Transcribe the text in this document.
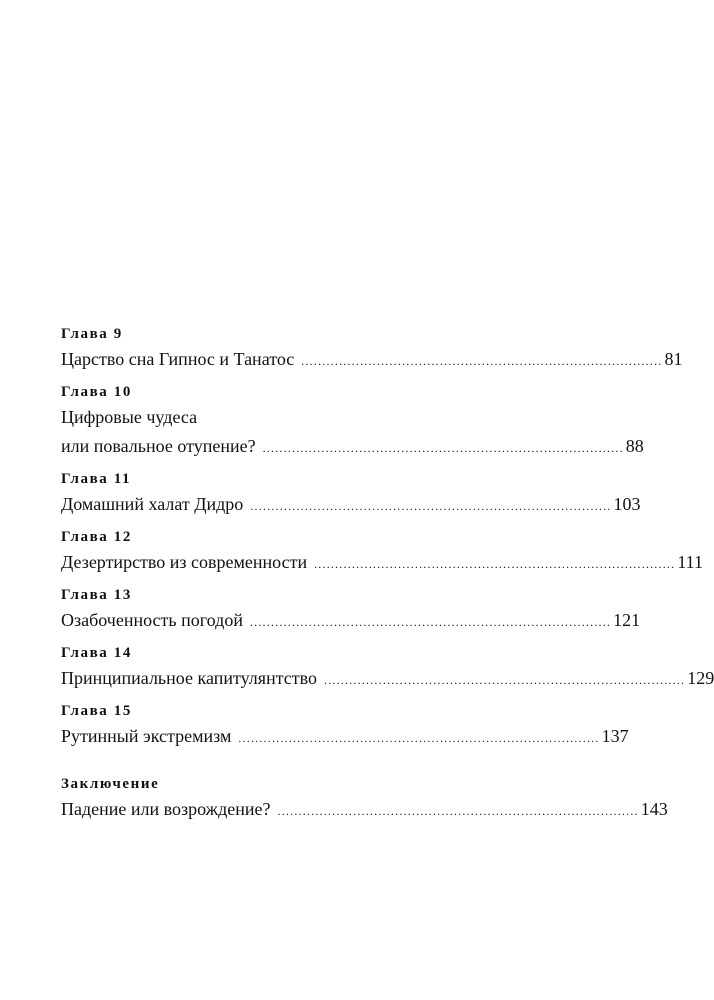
Глава 9
Царство сна Гипнос и Танатос ...................................................................................... 81
Глава 10
Цифровые чудеса
или повальное отупение? ...................................................................................... 88
Глава 11
Домашний халат Дидро ...................................................................................... 103
Глава 12
Дезертирство из современности ...................................................................................... 111
Глава 13
Озабоченность погодой ...................................................................................... 121
Глава 14
Принципиальное капитулянтство ...................................................................................... 129
Глава 15
Рутинный экстремизм ...................................................................................... 137
Заключение
Падение или возрождение? ...................................................................................... 143
